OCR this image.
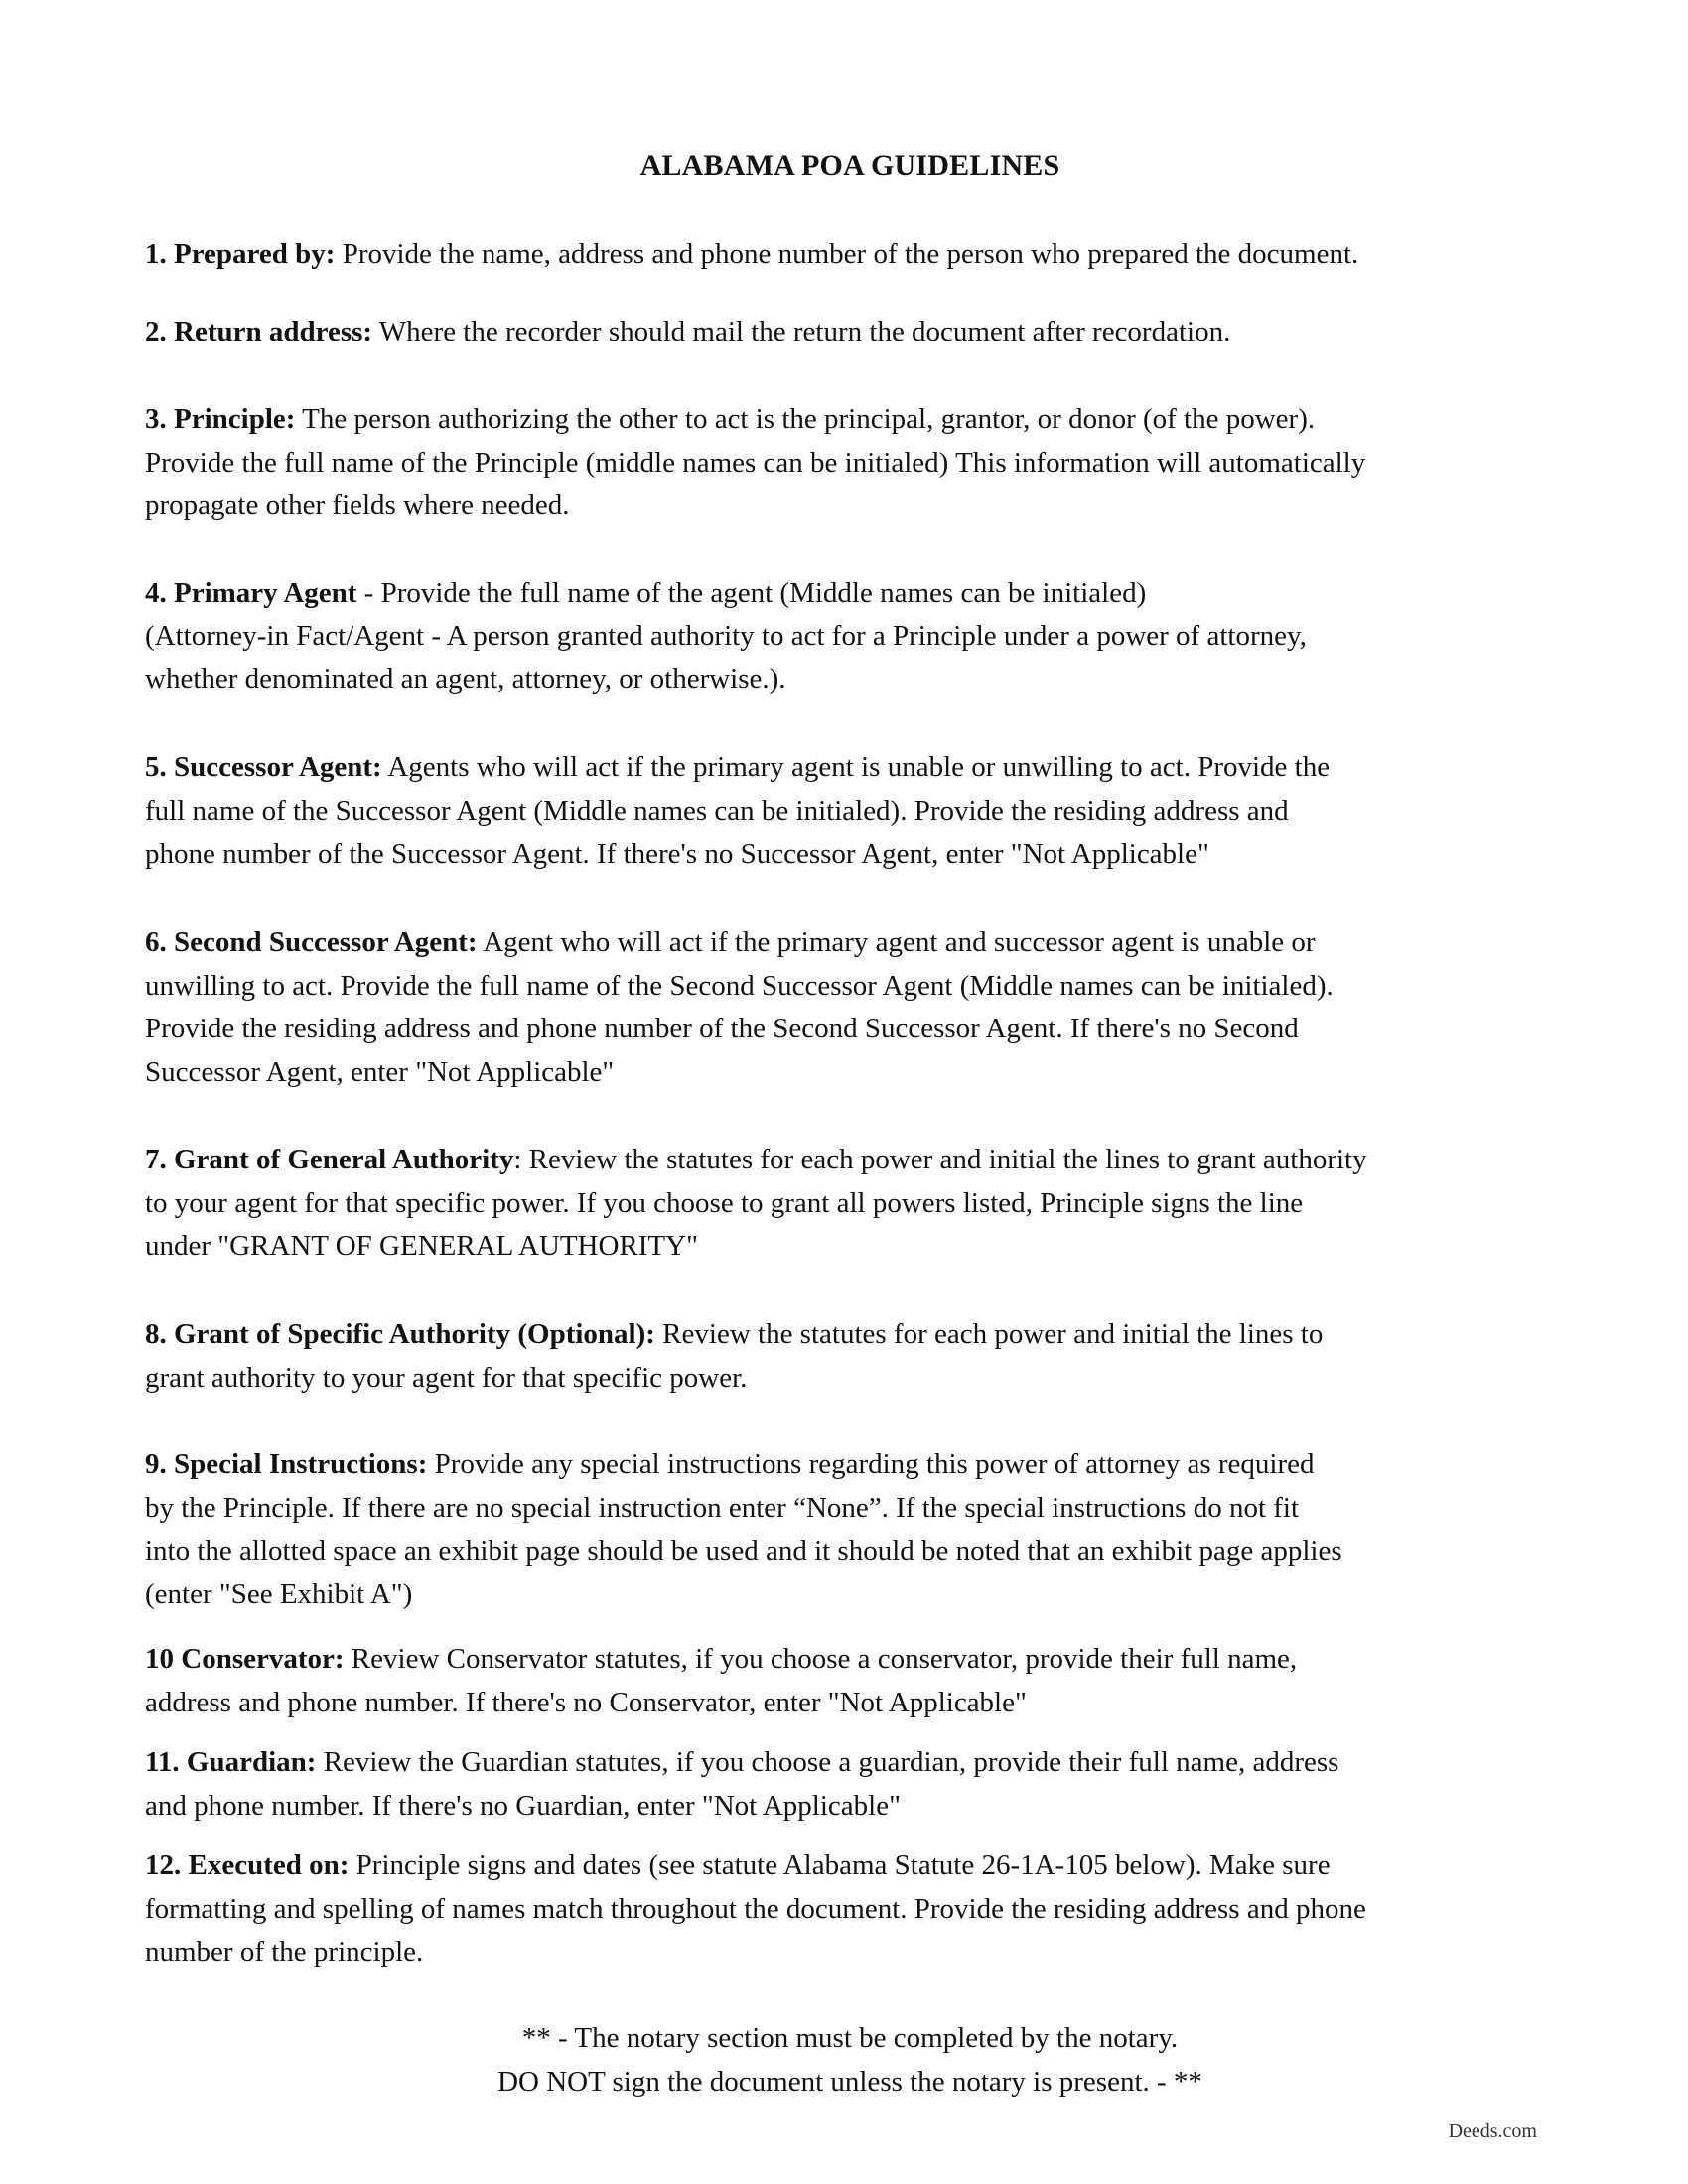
ALABAMA POA GUIDELINES
1. Prepared by: Provide the name, address and phone number of the person who prepared the document.
2. Return address: Where the recorder should mail the return the document after recordation.
3. Principle: The person authorizing the other to act is the principal, grantor, or donor (of the power).
Provide the full name of the Principle (middle names can be initialed) This information will automatically
propagate other fields where needed.
4. Primary Agent - Provide the full name of the agent (Middle names can be initialed)
(Attorney-in Fact/Agent - A person granted authority to act for a Principle under a power of attorney,
whether denominated an agent, attorney, or otherwise.).
5. Successor Agent: Agents who will act if the primary agent is unable or unwilling to act. Provide the
full name of the Successor Agent (Middle names can be initialed). Provide the residing address and
phone number of the Successor Agent. If there's no Successor Agent, enter "Not Applicable"
6. Second Successor Agent: Agent who will act if the primary agent and successor agent is unable or
unwilling to act. Provide the full name of the Second Successor Agent (Middle names can be initialed).
Provide the residing address and phone number of the Second Successor Agent. If there's no Second
Successor Agent, enter "Not Applicable"
7. Grant of General Authority: Review the statutes for each power and initial the lines to grant authority
to your agent for that specific power. If you choose to grant all powers listed, Principle signs the line
under "GRANT OF GENERAL AUTHORITY"
8. Grant of Specific Authority (Optional): Review the statutes for each power and initial the lines to
grant authority to your agent for that specific power.
9. Special Instructions: Provide any special instructions regarding this power of attorney as required
by the Principle. If there are no special instruction enter “None”. If the special instructions do not fit
into the allotted space an exhibit page should be used and it should be noted that an exhibit page applies
(enter "See Exhibit A")
10 Conservator: Review Conservator statutes, if you choose a conservator, provide their full name,
address and phone number. If there's no Conservator, enter "Not Applicable"
11. Guardian: Review the Guardian statutes, if you choose a guardian, provide their full name, address
and phone number. If there's no Guardian, enter "Not Applicable"
12. Executed on: Principle signs and dates (see statute Alabama Statute 26-1A-105 below). Make sure
formatting and spelling of names match throughout the document. Provide the residing address and phone
number of the principle.
** - The notary section must be completed by the notary.
DO NOT sign the document unless the notary is present. - **
Deeds.com
